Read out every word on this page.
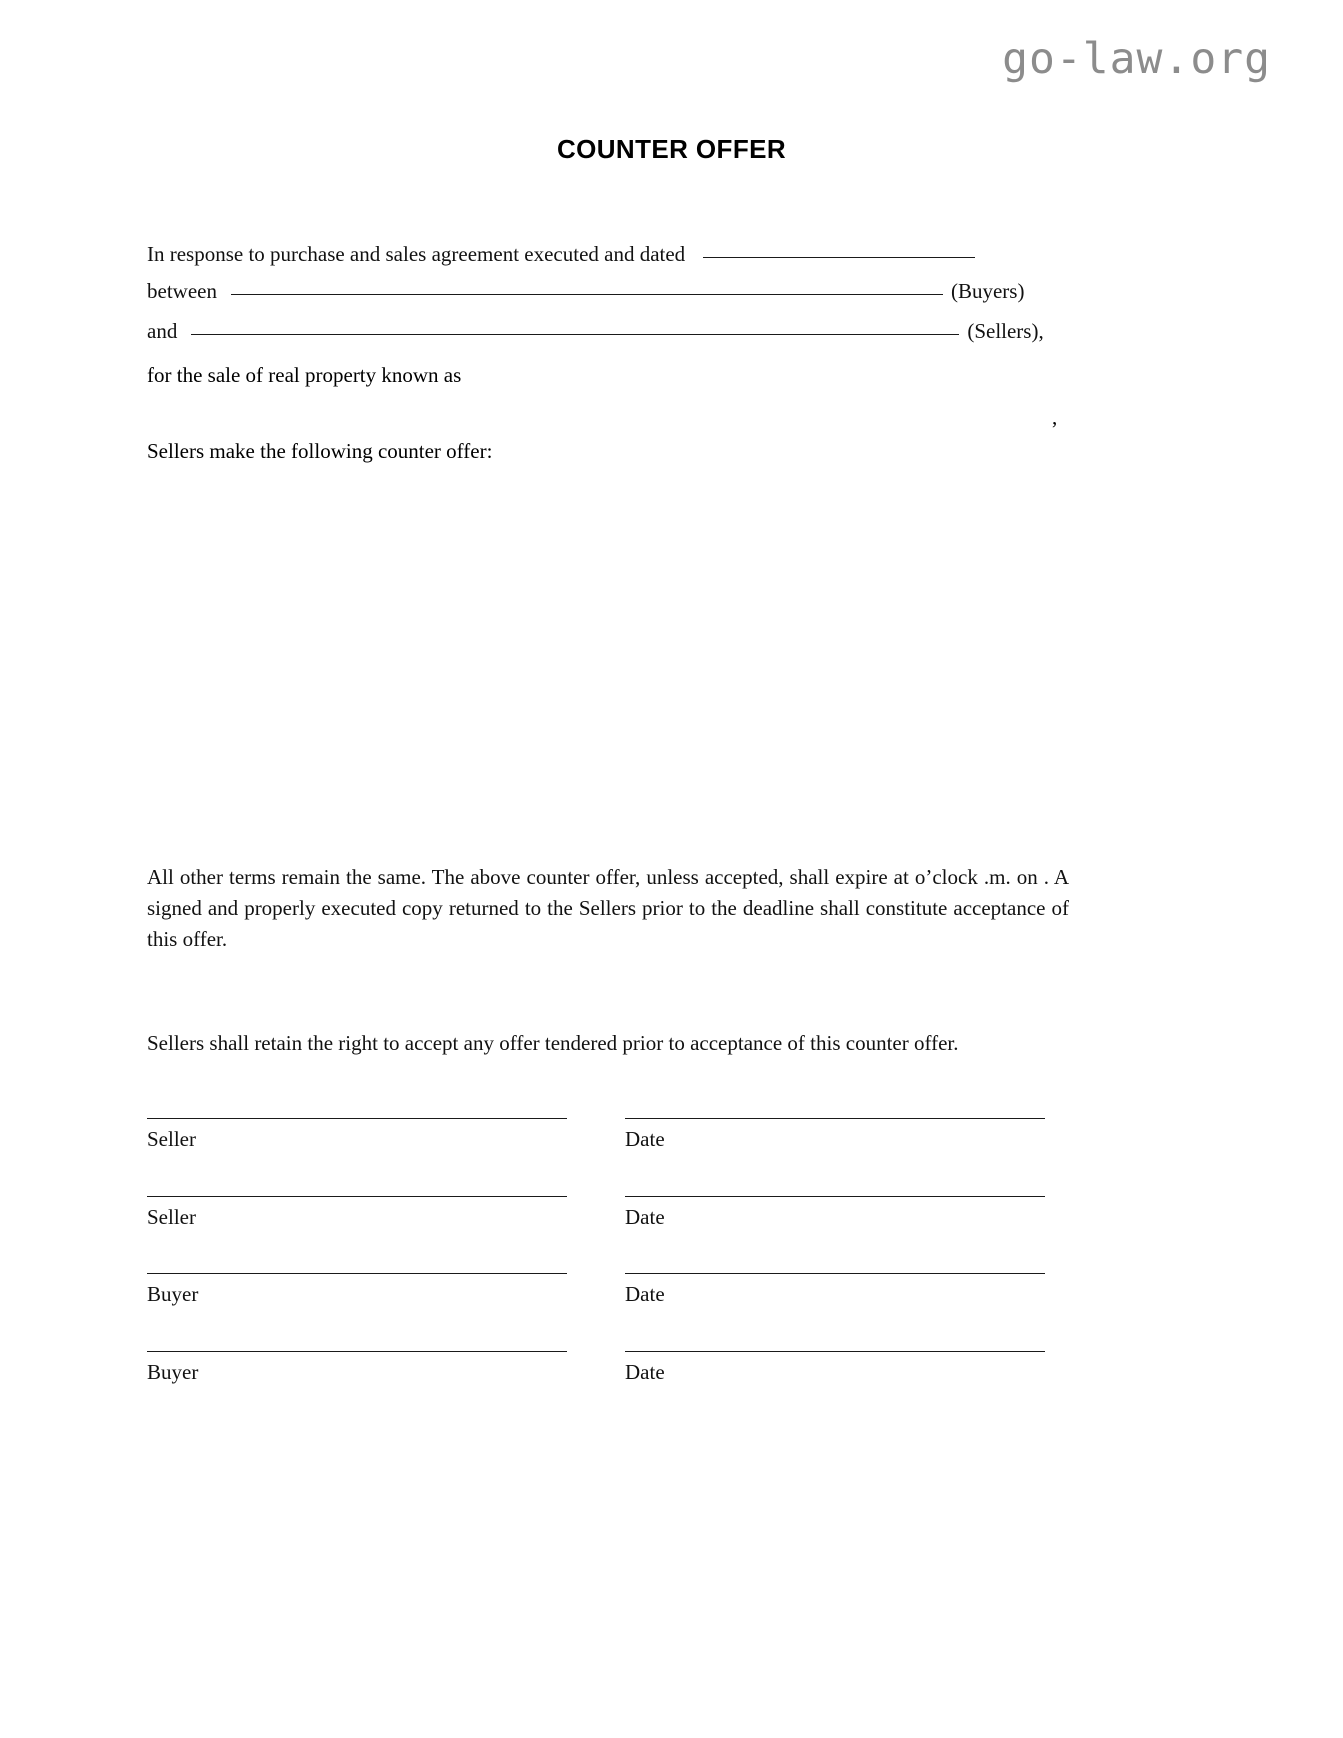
go-law.org
COUNTER OFFER
In response to purchase and sales agreement executed and dated
between	(Buyers)
and	(Sellers),
for the sale of real property known as
,
Sellers make the following counter offer:
All other terms remain the same. The above counter offer, unless accepted, shall expire at o’clock .m. on . A signed and properly executed copy returned to the Sellers prior to the deadline shall constitute acceptance of this offer.
Sellers shall retain the right to accept any offer tendered prior to acceptance of this counter offer.
Seller	Date
Seller	Date
Buyer	Date
Buyer	Date
